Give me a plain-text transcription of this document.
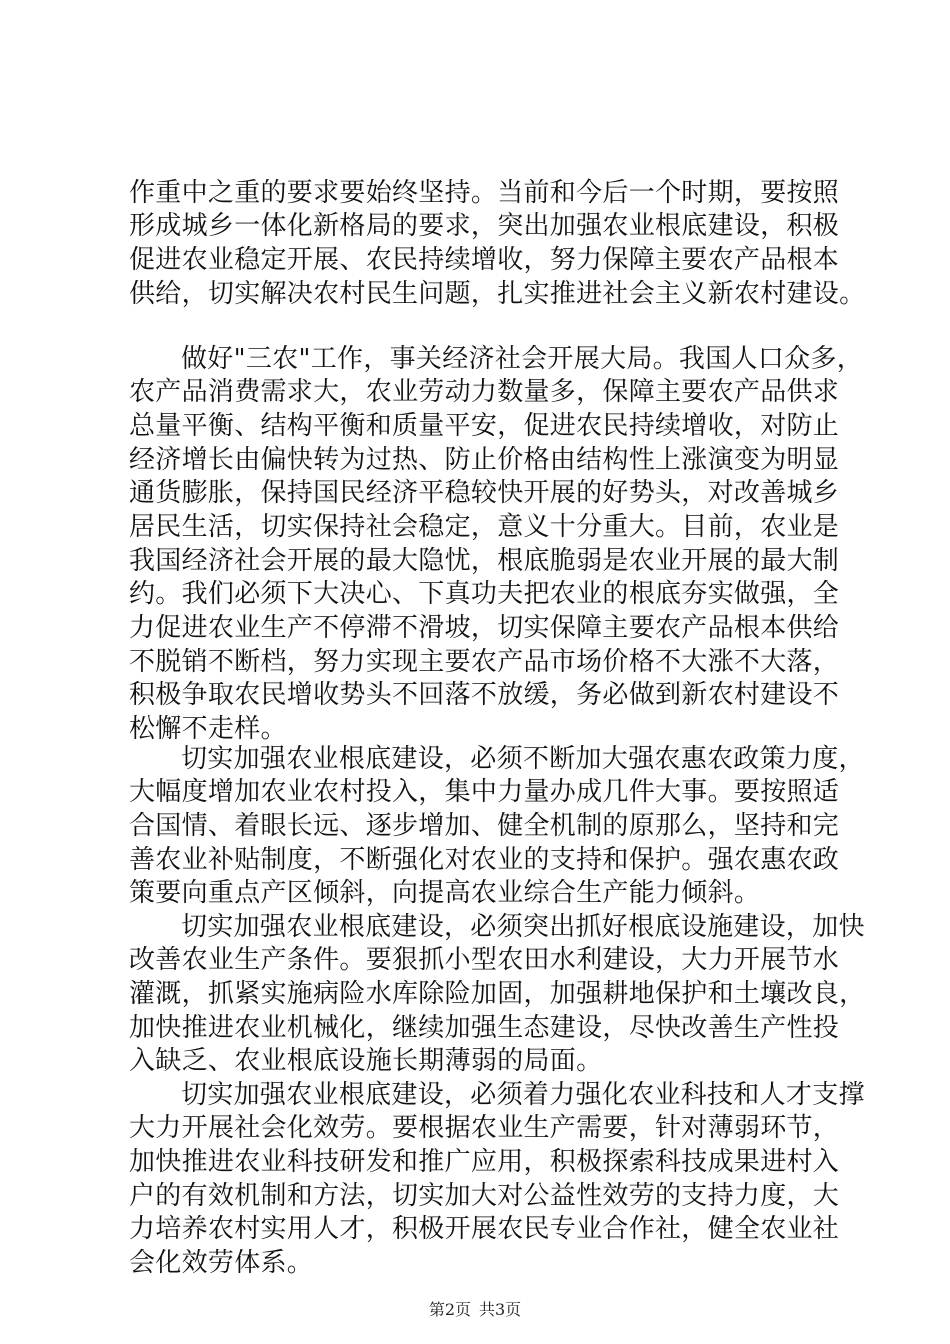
作重中之重的要求要始终坚持。当前和今后一个时期，要按照
形成城乡一体化新格局的要求，突出加强农业根底建设，积极
促进农业稳定开展、农民持续增收，努力保障主要农产品根本
供给，切实解决农村民生问题，扎实推进社会主义新农村建设。
做好"三农"工作，事关经济社会开展大局。我国人口众多，
农产品消费需求大，农业劳动力数量多，保障主要农产品供求
总量平衡、结构平衡和质量平安，促进农民持续增收，对防止
经济增长由偏快转为过热、防止价格由结构性上涨演变为明显
通货膨胀，保持国民经济平稳较快开展的好势头，对改善城乡
居民生活，切实保持社会稳定，意义十分重大。目前，农业是
我国经济社会开展的最大隐忧，根底脆弱是农业开展的最大制
约。我们必须下大决心、下真功夫把农业的根底夯实做强，全
力促进农业生产不停滞不滑坡，切实保障主要农产品根本供给
不脱销不断档，努力实现主要农产品市场价格不大涨不大落，
积极争取农民增收势头不回落不放缓，务必做到新农村建设不
松懈不走样。
切实加强农业根底建设，必须不断加大强农惠农政策力度，
大幅度增加农业农村投入，集中力量办成几件大事。要按照适
合国情、着眼长远、逐步增加、健全机制的原那么，坚持和完
善农业补贴制度，不断强化对农业的支持和保护。强农惠农政
策要向重点产区倾斜，向提高农业综合生产能力倾斜。
切实加强农业根底建设，必须突出抓好根底设施建设，加快
改善农业生产条件。要狠抓小型农田水利建设，大力开展节水
灌溉，抓紧实施病险水库除险加固，加强耕地保护和土壤改良，
加快推进农业机械化，继续加强生态建设，尽快改善生产性投
入缺乏、农业根底设施长期薄弱的局面。
切实加强农业根底建设，必须着力强化农业科技和人才支撑
大力开展社会化效劳。要根据农业生产需要，针对薄弱环节，
加快推进农业科技研发和推广应用，积极探索科技成果进村入
户的有效机制和方法，切实加大对公益性效劳的支持力度，大
力培养农村实用人才，积极开展农民专业合作社，健全农业社
会化效劳体系。
第2页 共3页
